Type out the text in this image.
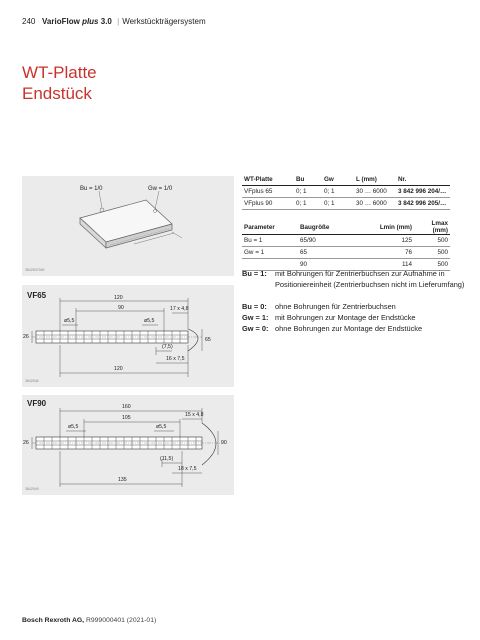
240 VarioFlow plus 3.0 | Werkstückträgersystem
WT-Platte
Endstück
Bu = 1/0	Gw = 1/0
3842547949
VF65	120
90	17 x 4,8
ø5,5	ø5,5
26	65
(7,5)
16 x 7,5
120
3842546
VF90	160
105	15 x 4,8
ø5,5	ø5,5
26	90
(11,5)
18 x 7,5
135
3842549
WT-Platte	Bu	Gw	L (mm)	Nr.
VFplus 65	0; 1	0; 1	30 … 6000	3 842 996 204/…
VFplus 90	0; 1	0; 1	30 … 6000	3 842 996 205/…
Parameter	Baugröße	Lmin (mm)	Lmax (mm)
Bu = 1	65/90	125	500
Gw = 1	65	76	500
	90	114	500
Bu = 1: mit Bohrungen für Zentrierbuchsen zur Aufnahme in Positioniereinheit (Zentrierbuchsen nicht im Lieferumfang)
Bu = 0: ohne Bohrungen für Zentrierbuchsen
Gw = 1: mit Bohrungen zur Montage der Endstücke
Gw = 0: ohne Bohrungen zur Montage der Endstücke
Bosch Rexroth AG, R999000401 (2021-01)
